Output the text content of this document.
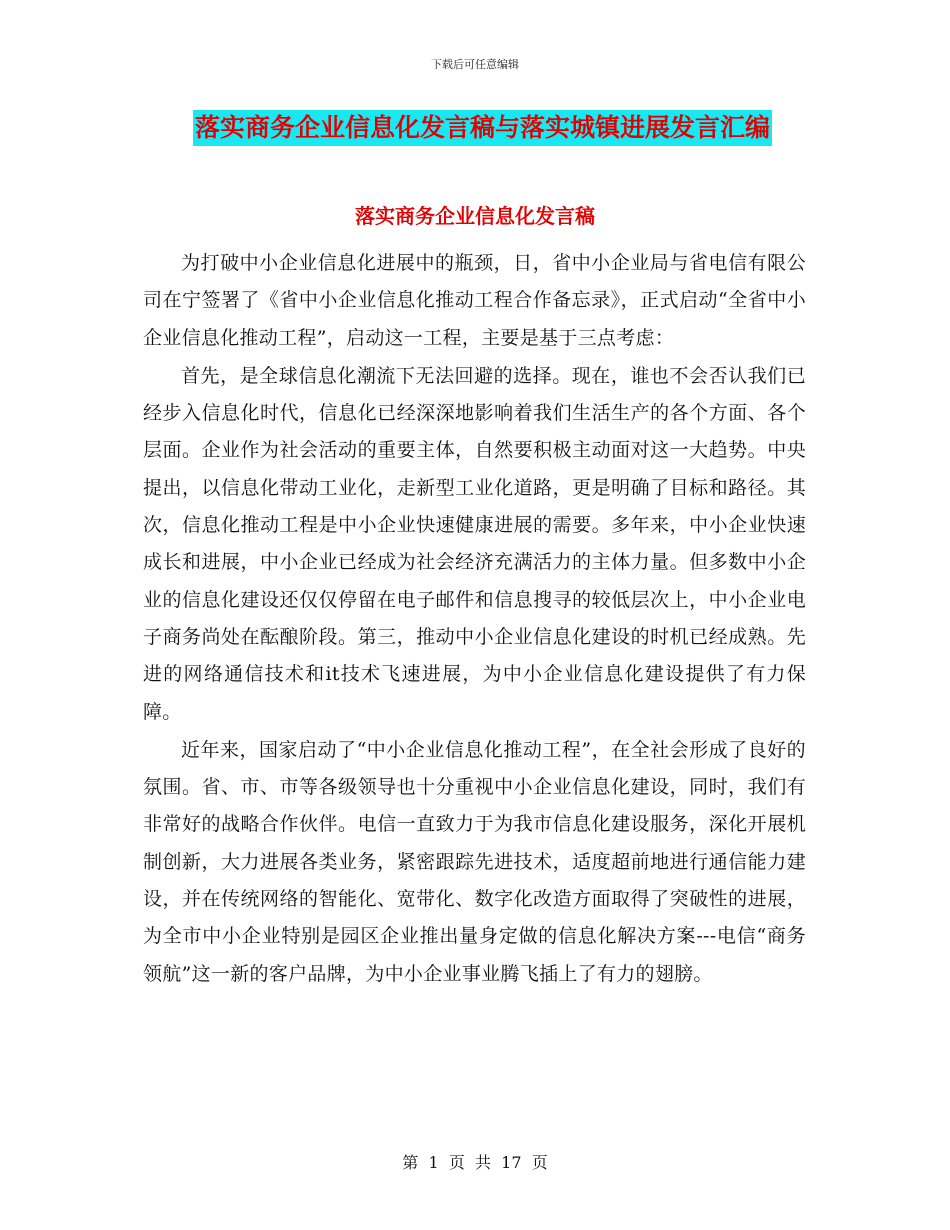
下载后可任意编辑
落实商务企业信息化发言稿与落实城镇进展发言汇编
落实商务企业信息化发言稿

为打破中小企业信息化进展中的瓶颈，日，省中小企业局与省电信有限公司在宁签署了《省中小企业信息化推动工程合作备忘录》，正式启动“全省中小企业信息化推动工程”，启动这一工程，主要是基于三点考虑：

首先，是全球信息化潮流下无法回避的选择。现在，谁也不会否认我们已经步入信息化时代，信息化已经深深地影响着我们生活生产的各个方面、各个层面。企业作为社会活动的重要主体，自然要积极主动面对这一大趋势。中央提出，以信息化带动工业化，走新型工业化道路，更是明确了目标和路径。其次，信息化推动工程是中小企业快速健康进展的需要。多年来，中小企业快速成长和进展，中小企业已经成为社会经济充满活力的主体力量。但多数中小企业的信息化建设还仅仅停留在电子邮件和信息搜寻的较低层次上，中小企业电子商务尚处在酝酿阶段。第三，推动中小企业信息化建设的时机已经成熟。先进的网络通信技术和it技术飞速进展，为中小企业信息化建设提供了有力保障。

近年来，国家启动了“中小企业信息化推动工程”，在全社会形成了良好的氛围。省、市、市等各级领导也十分重视中小企业信息化建设，同时，我们有非常好的战略合作伙伴。电信一直致力于为我市信息化建设服务，深化开展机制创新，大力进展各类业务，紧密跟踪先进技术，适度超前地进行通信能力建设，并在传统网络的智能化、宽带化、数字化改造方面取得了突破性的进展，为全市中小企业特别是园区企业推出量身定做的信息化解决方案---电信“商务领航”这一新的客户品牌，为中小企业事业腾飞插上了有力的翅膀。

第  1  页  共  17  页
